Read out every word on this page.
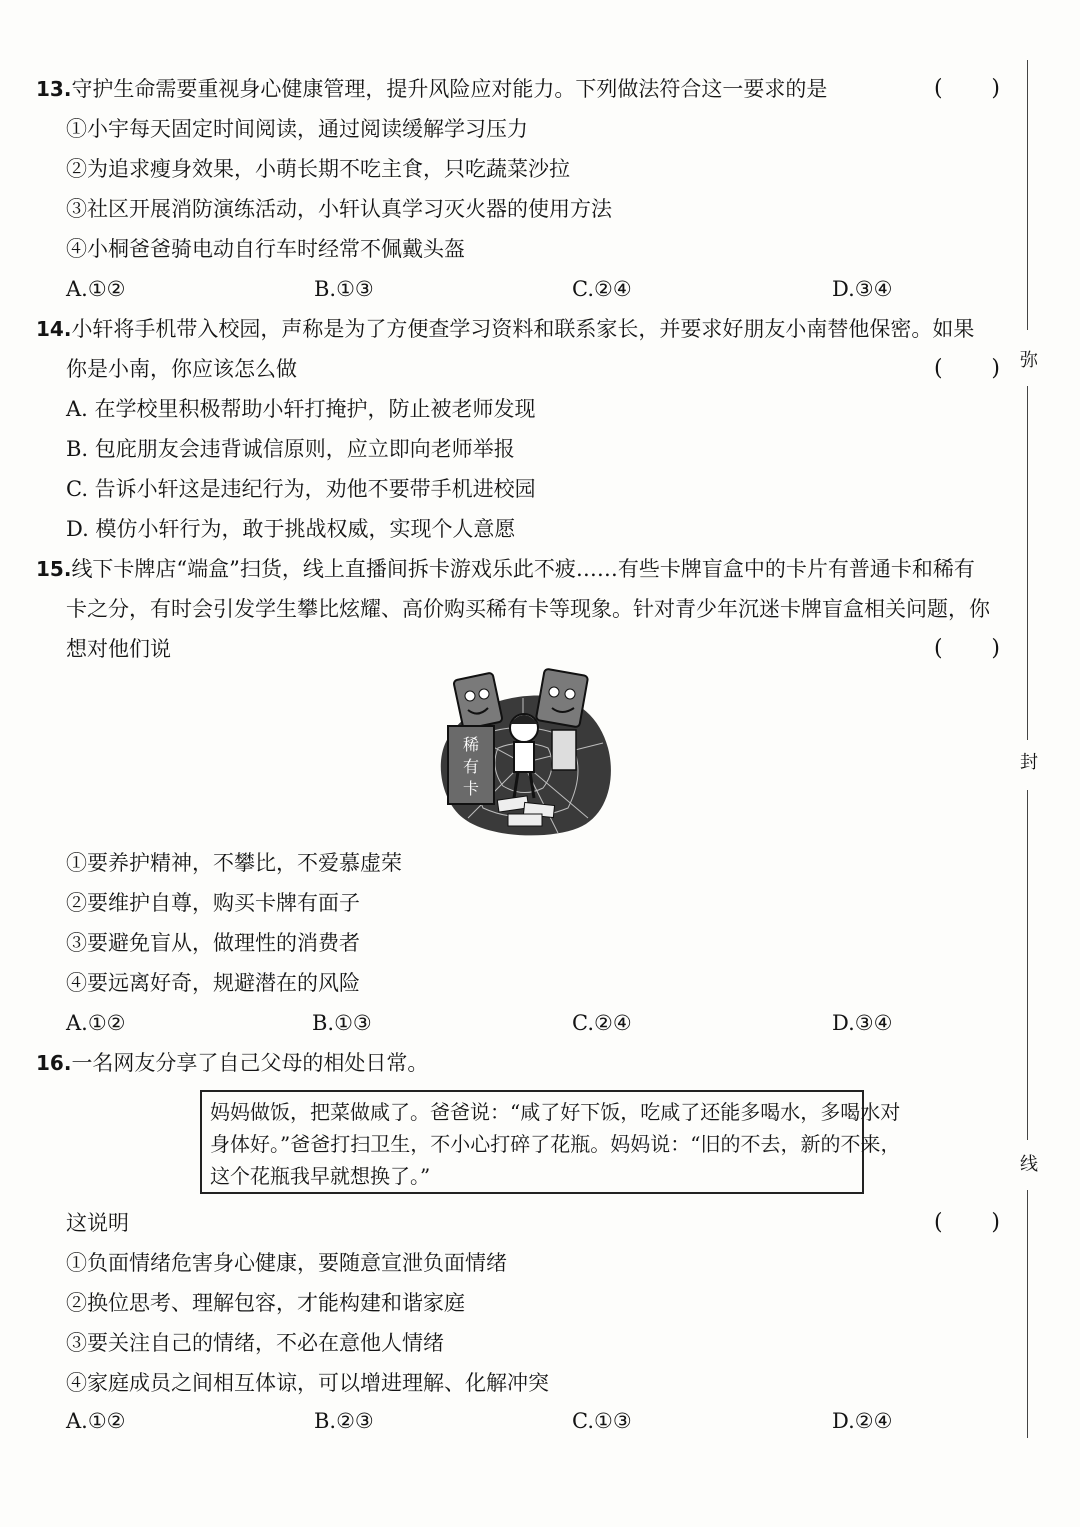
弥
封
线
13.守护生命需要重视身心健康管理，提升风险应对能力。下列做法符合这一要求的是	( )
①小宇每天固定时间阅读，通过阅读缓解学习压力
②为追求瘦身效果，小萌长期不吃主食，只吃蔬菜沙拉
③社区开展消防演练活动，小轩认真学习灭火器的使用方法
④小桐爸爸骑电动自行车时经常不佩戴头盔
A.①②	B.①③	C.②④	D.③④
14.小轩将手机带入校园，声称是为了方便查学习资料和联系家长，并要求好朋友小南替他保密。如果
你是小南，你应该怎么做	( )
A. 在学校里积极帮助小轩打掩护，防止被老师发现
B. 包庇朋友会违背诚信原则，应立即向老师举报
C. 告诉小轩这是违纪行为，劝他不要带手机进校园
D. 模仿小轩行为，敢于挑战权威，实现个人意愿
15.线下卡牌店“端盒”扫货，线上直播间拆卡游戏乐此不疲……有些卡牌盲盒中的卡片有普通卡和稀有
卡之分，有时会引发学生攀比炫耀、高价购买稀有卡等现象。针对青少年沉迷卡牌盲盒相关问题，你
想对他们说	( )
稀
有
卡
①要养护精神，不攀比，不爱慕虚荣
②要维护自尊，购买卡牌有面子
③要避免盲从，做理性的消费者
④要远离好奇，规避潜在的风险
A.①②	B.①③	C.②④	D.③④
16.一名网友分享了自己父母的相处日常。
妈妈做饭，把菜做咸了。爸爸说：“咸了好下饭，吃咸了还能多喝水，多喝水对
身体好。”爸爸打扫卫生，不小心打碎了花瓶。妈妈说：“旧的不去，新的不来，
这个花瓶我早就想换了。”
这说明	( )
①负面情绪危害身心健康，要随意宣泄负面情绪
②换位思考、理解包容，才能构建和谐家庭
③要关注自己的情绪，不必在意他人情绪
④家庭成员之间相互体谅，可以增进理解、化解冲突
A.①②	B.②③	C.①③	D.②④
